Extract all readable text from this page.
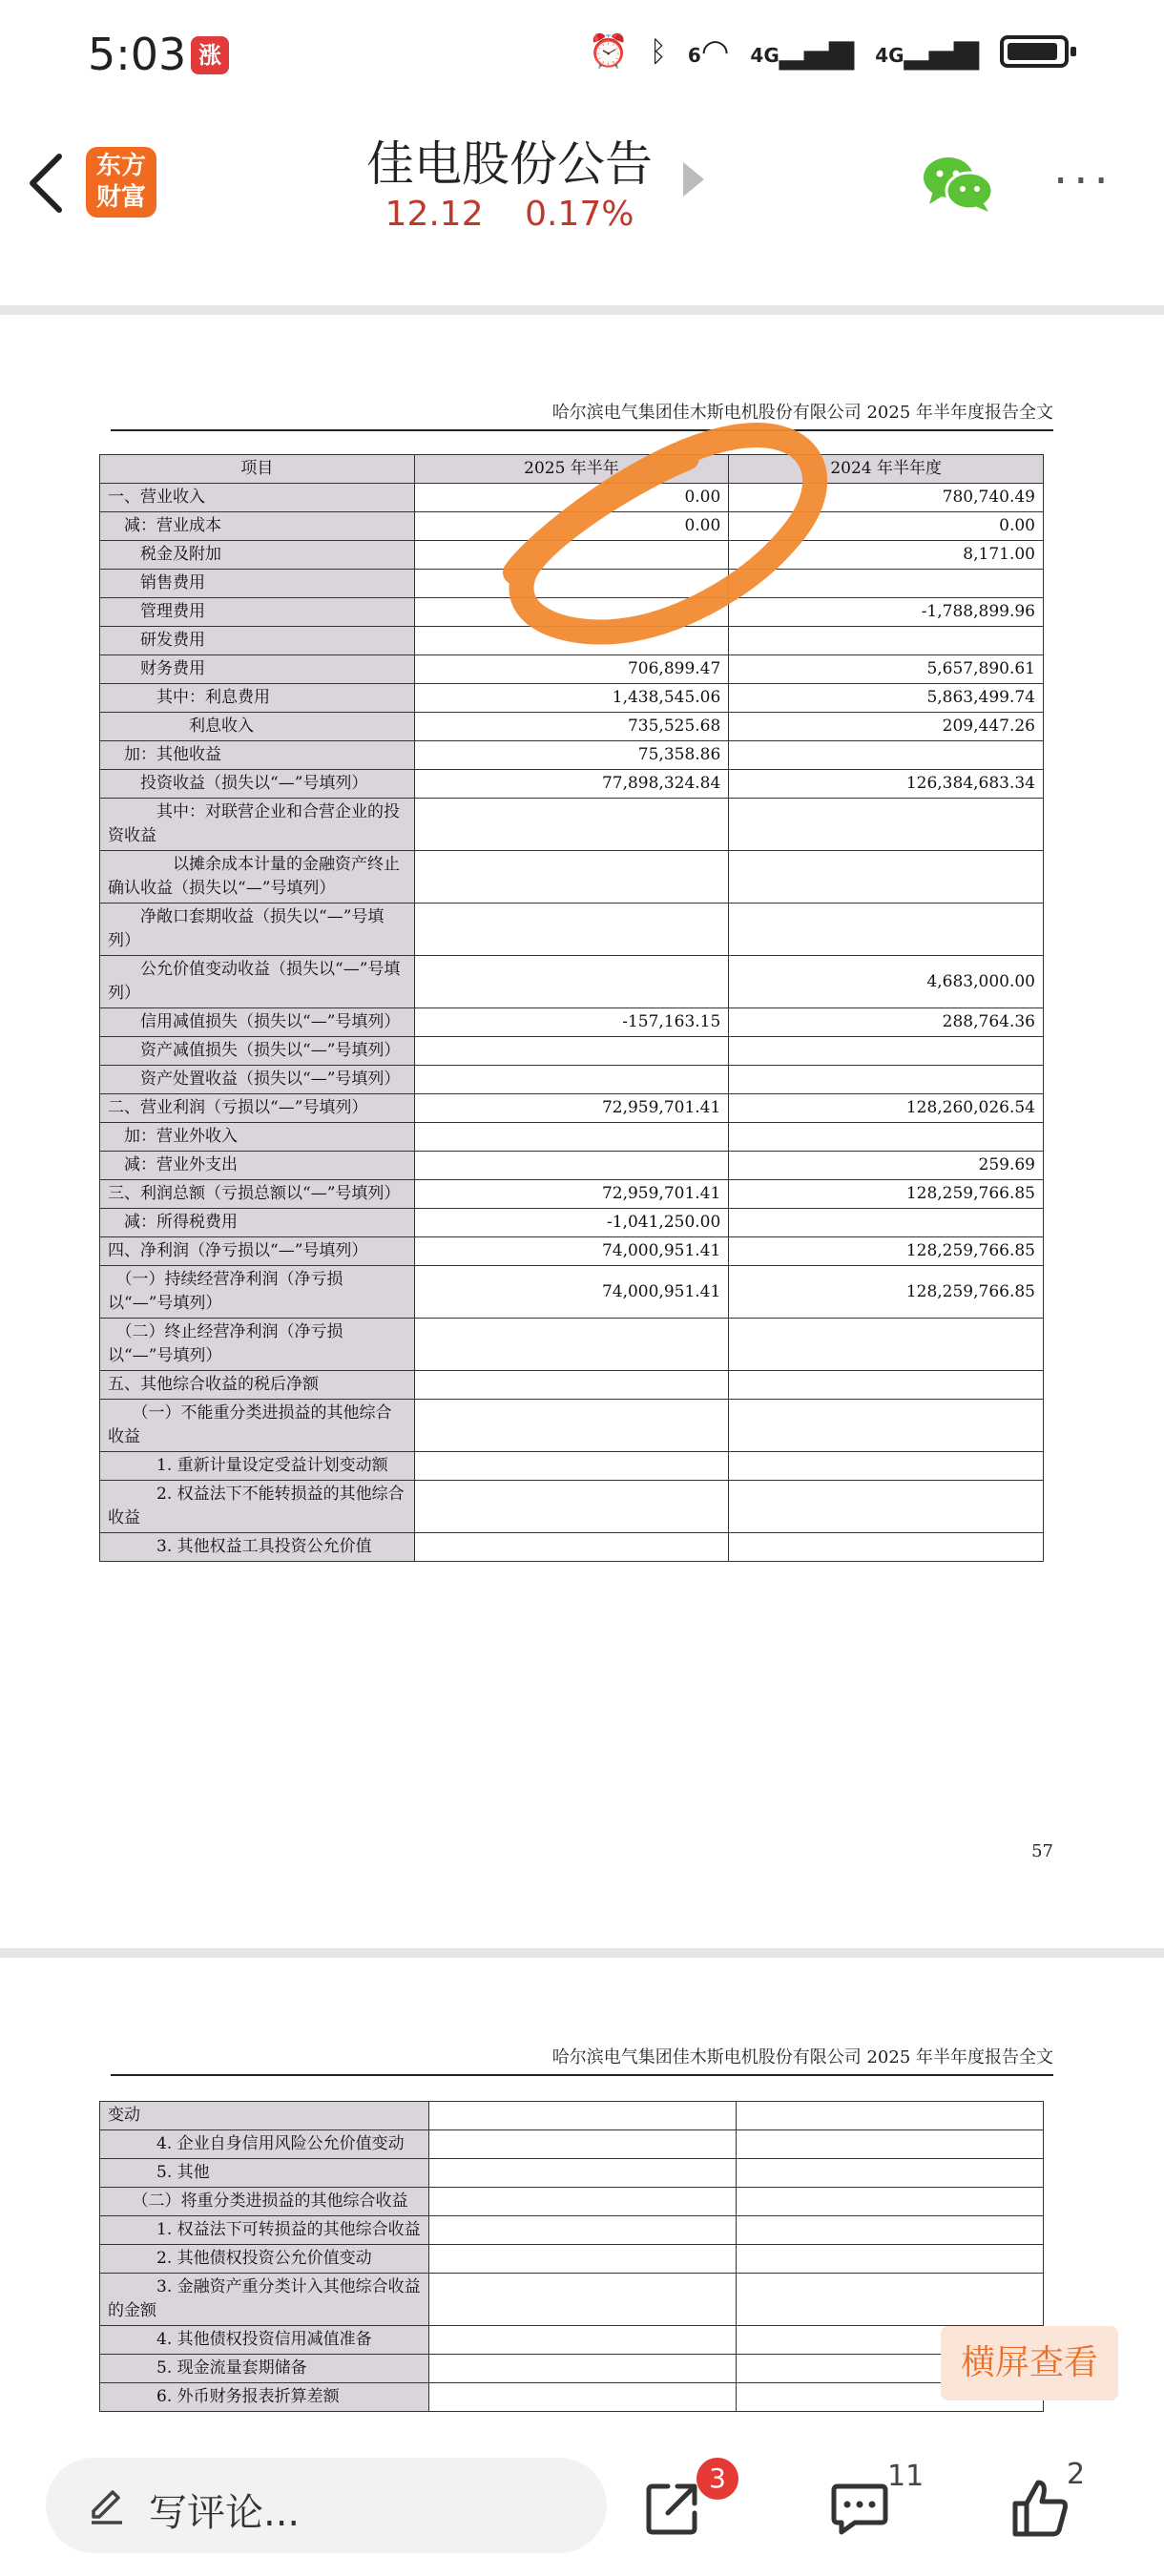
5:03 涨	⏰ ᛒ 6◠ 4G▂▄▆ 4G▂▄▆
东方
财富
佳电股份公告
12.12 0.17%
···
哈尔滨电气集团佳木斯电机股份有限公司 2025 年半年度报告全文
项目	2025 年半年	2024 年半年度
一、营业收入	0.00	780,740.49
　减：营业成本	0.00	0.00
　　税金及附加		8,171.00
　　销售费用		
　　管理费用		-1,788,899.96
　　研发费用		
　　财务费用	706,899.47	5,657,890.61
　　　其中：利息费用	1,438,545.06	5,863,499.74
　　　　　利息收入	735,525.68	209,447.26
　加：其他收益	75,358.86	
　　投资收益（损失以“—”号填列）	77,898,324.84	126,384,683.34
　　　其中：对联营企业和合营企业的投资收益		
　　　　以摊余成本计量的金融资产终止确认收益（损失以“—”号填列）		
　　净敞口套期收益（损失以“—”号填列）		
　　公允价值变动收益（损失以“—”号填列）		4,683,000.00
　　信用减值损失（损失以“—”号填列）	-157,163.15	288,764.36
　　资产减值损失（损失以“—”号填列）		
　　资产处置收益（损失以“—”号填列）		
二、营业利润（亏损以“—”号填列）	72,959,701.41	128,260,026.54
　加：营业外收入		
　减：营业外支出		259.69
三、利润总额（亏损总额以“—”号填列）	72,959,701.41	128,259,766.85
　减：所得税费用	-1,041,250.00	
四、净利润（净亏损以“—”号填列）	74,000,951.41	128,259,766.85
　（一）持续经营净利润（净亏损以“—”号填列）	74,000,951.41	128,259,766.85
　（二）终止经营净利润（净亏损以“—”号填列）		
五、其他综合收益的税后净额		
　　（一）不能重分类进损益的其他综合收益		
　　　1. 重新计量设定受益计划变动额		
　　　2. 权益法下不能转损益的其他综合收益		
　　　3. 其他权益工具投资公允价值		
57
哈尔滨电气集团佳木斯电机股份有限公司 2025 年半年度报告全文
变动		
　　　4. 企业自身信用风险公允价值变动		
　　　5. 其他		
　　（二）将重分类进损益的其他综合收益		
　　　1. 权益法下可转损益的其他综合收益		
　　　2. 其他债权投资公允价值变动		
　　　3. 金融资产重分类计入其他综合收益的金额		
　　　4. 其他债权投资信用减值准备		
　　　5. 现金流量套期储备		
　　　6. 外币财务报表折算差额		
横屏查看
写评论...
3	11	2
